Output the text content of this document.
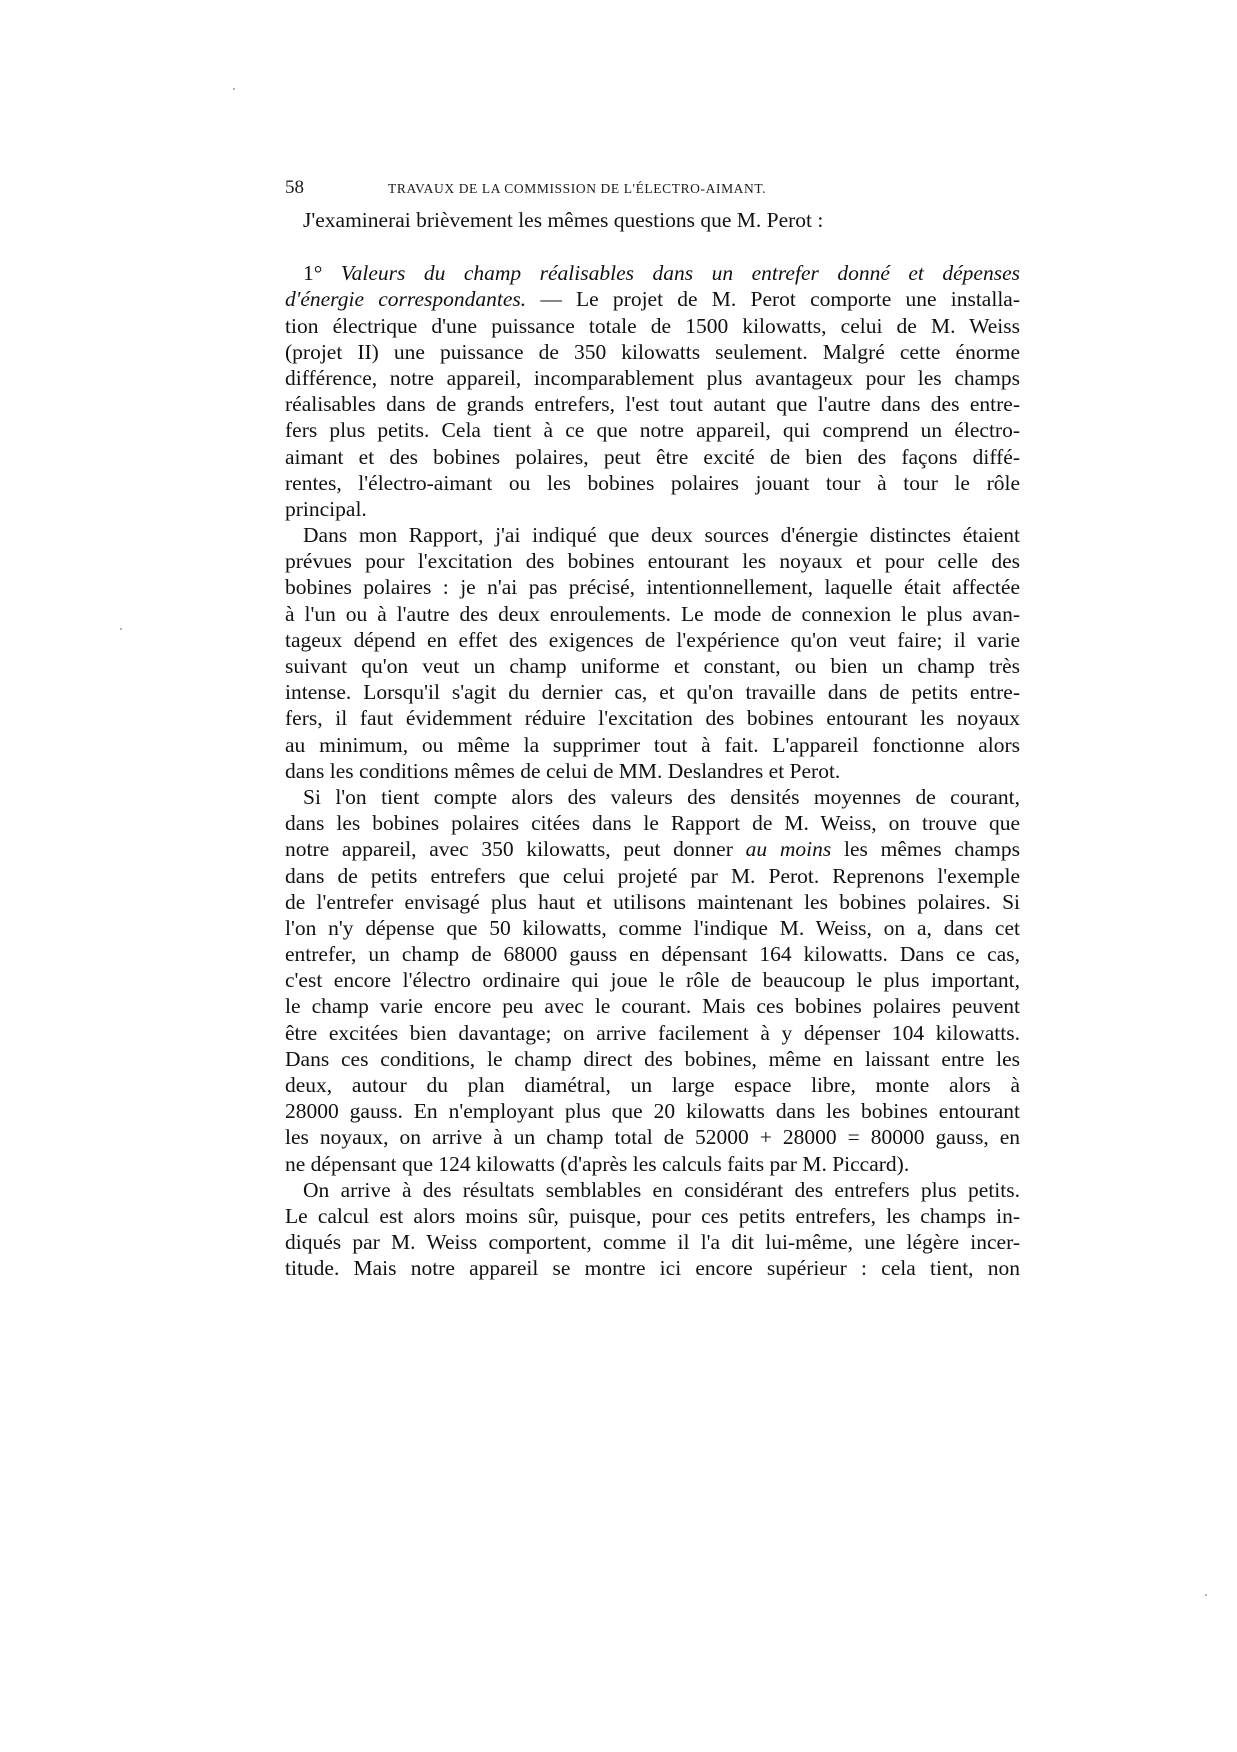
58	TRAVAUX DE LA COMMISSION DE L'ÉLECTRO-AIMANT.
J'examinerai brièvement les mêmes questions que M. Perot :
1° Valeurs du champ réalisables dans un entrefer donné et dépenses
d'énergie correspondantes. — Le projet de M. Perot comporte une installa-
tion électrique d'une puissance totale de 1500 kilowatts, celui de M. Weiss
(projet II) une puissance de 350 kilowatts seulement. Malgré cette énorme
différence, notre appareil, incomparablement plus avantageux pour les champs
réalisables dans de grands entrefers, l'est tout autant que l'autre dans des entre-
fers plus petits. Cela tient à ce que notre appareil, qui comprend un électro-
aimant et des bobines polaires, peut être excité de bien des façons diffé-
rentes, l'électro-aimant ou les bobines polaires jouant tour à tour le rôle
principal.
Dans mon Rapport, j'ai indiqué que deux sources d'énergie distinctes étaient
prévues pour l'excitation des bobines entourant les noyaux et pour celle des
bobines polaires : je n'ai pas précisé, intentionnellement, laquelle était affectée
à l'un ou à l'autre des deux enroulements. Le mode de connexion le plus avan-
tageux dépend en effet des exigences de l'expérience qu'on veut faire; il varie
suivant qu'on veut un champ uniforme et constant, ou bien un champ très
intense. Lorsqu'il s'agit du dernier cas, et qu'on travaille dans de petits entre-
fers, il faut évidemment réduire l'excitation des bobines entourant les noyaux
au minimum, ou même la supprimer tout à fait. L'appareil fonctionne alors
dans les conditions mêmes de celui de MM. Deslandres et Perot.
Si l'on tient compte alors des valeurs des densités moyennes de courant,
dans les bobines polaires citées dans le Rapport de M. Weiss, on trouve que
notre appareil, avec 350 kilowatts, peut donner au moins les mêmes champs
dans de petits entrefers que celui projeté par M. Perot. Reprenons l'exemple
de l'entrefer envisagé plus haut et utilisons maintenant les bobines polaires. Si
l'on n'y dépense que 50 kilowatts, comme l'indique M. Weiss, on a, dans cet
entrefer, un champ de 68000 gauss en dépensant 164 kilowatts. Dans ce cas,
c'est encore l'électro ordinaire qui joue le rôle de beaucoup le plus important,
le champ varie encore peu avec le courant. Mais ces bobines polaires peuvent
être excitées bien davantage; on arrive facilement à y dépenser 104 kilowatts.
Dans ces conditions, le champ direct des bobines, même en laissant entre les
deux, autour du plan diamétral, un large espace libre, monte alors à
28000 gauss. En n'employant plus que 20 kilowatts dans les bobines entourant
les noyaux, on arrive à un champ total de 52000 + 28000 = 80000 gauss, en
ne dépensant que 124 kilowatts (d'après les calculs faits par M. Piccard).
On arrive à des résultats semblables en considérant des entrefers plus petits.
Le calcul est alors moins sûr, puisque, pour ces petits entrefers, les champs in-
diqués par M. Weiss comportent, comme il l'a dit lui-même, une légère incer-
titude. Mais notre appareil se montre ici encore supérieur : cela tient, non
